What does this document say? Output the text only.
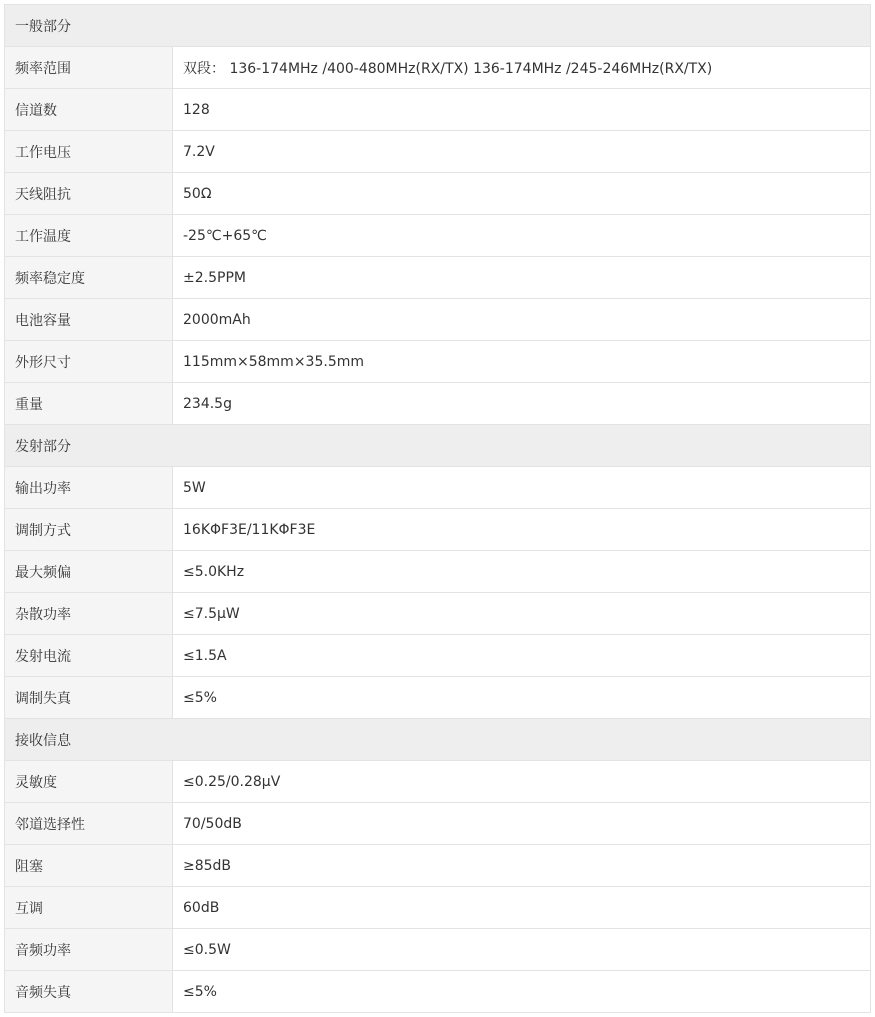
一般部分	
频率范围	双段： 136-174MHz /400-480MHz(RX/TX) 136-174MHz /245-246MHz(RX/TX)
信道数	128
工作电压	7.2V
天线阻抗	50Ω
工作温度	-25℃+65℃
频率稳定度	±2.5PPM
电池容量	2000mAh
外形尺寸	115mm×58mm×35.5mm
重量	234.5g
发射部分	
输出功率	5W
调制方式	16KΦF3E/11KΦF3E
最大频偏	≤5.0KHz
杂散功率	≤7.5μW
发射电流	≤1.5A
调制失真	≤5%
接收信息	
灵敏度	≤0.25/0.28μV
邻道选择性	70/50dB
阻塞	≥85dB
互调	60dB
音频功率	≤0.5W
音频失真	≤5%
